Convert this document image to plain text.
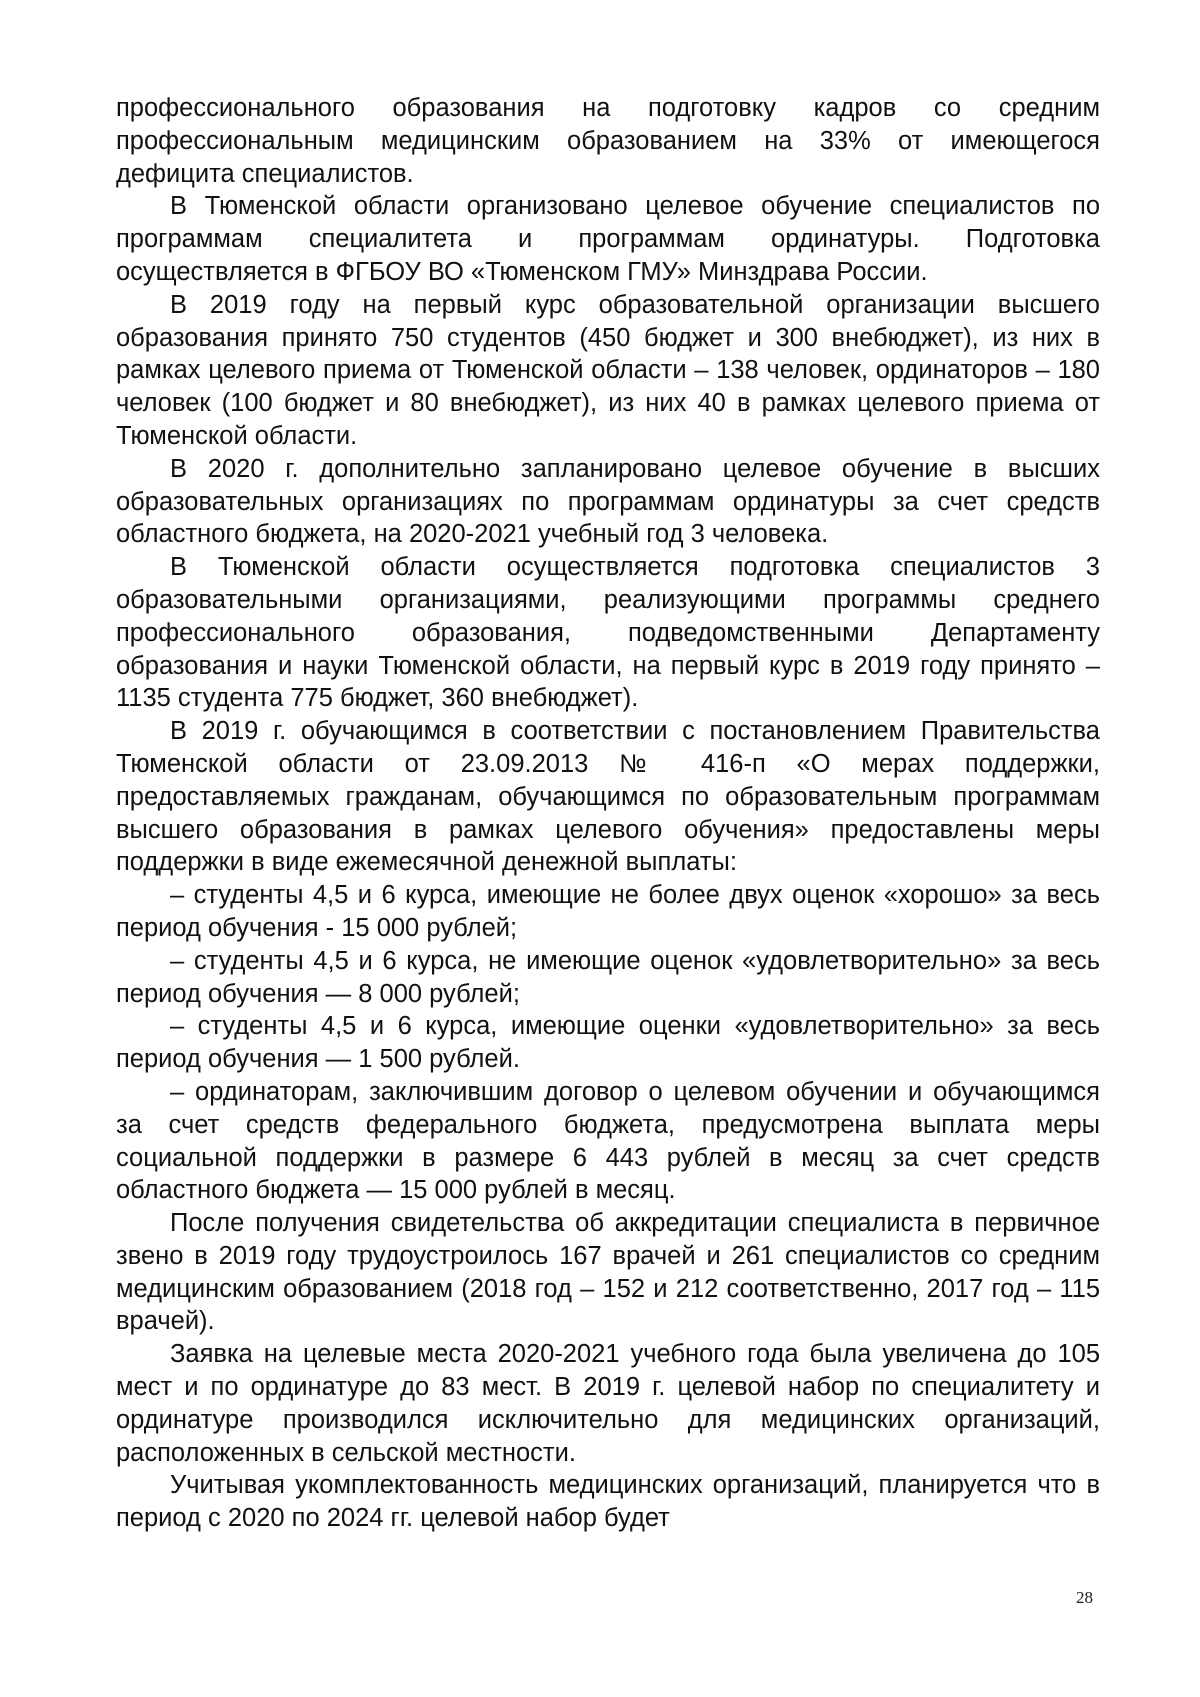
профессионального образования на подготовку кадров со средним профессиональным медицинским образованием на 33% от имеющегося дефицита специалистов.

В Тюменской области организовано целевое обучение специалистов по программам специалитета и программам ординатуры. Подготовка осуществляется в ФГБОУ ВО «Тюменском ГМУ» Минздрава России.

В 2019 году на первый курс образовательной организации высшего образования принято 750 студентов (450 бюджет и 300 внебюджет), из них в рамках целевого приема от Тюменской области – 138 человек, ординаторов – 180 человек (100 бюджет и 80 внебюджет), из них 40 в рамках целевого приема от Тюменской области.

В 2020 г. дополнительно запланировано целевое обучение в высших образовательных организациях по программам ординатуры за счет средств областного бюджета, на 2020-2021 учебный год 3 человека.

В Тюменской области осуществляется подготовка специалистов 3 образовательными организациями, реализующими программы среднего профессионального образования, подведомственными Департаменту образования и науки Тюменской области, на первый курс в 2019 году принято – 1135 студента 775 бюджет, 360 внебюджет).

В 2019 г. обучающимся в соответствии с постановлением Правительства Тюменской области от 23.09.2013 № 416-п «О мерах поддержки, предоставляемых гражданам, обучающимся по образовательным программам высшего образования в рамках целевого обучения» предоставлены меры поддержки в виде ежемесячной денежной выплаты:

– студенты 4,5 и 6 курса, имеющие не более двух оценок «хорошо» за весь период обучения - 15 000 рублей;

– студенты 4,5 и 6 курса, не имеющие оценок «удовлетворительно» за весь период обучения — 8 000 рублей;

– студенты 4,5 и 6 курса, имеющие оценки «удовлетворительно» за весь период обучения — 1 500 рублей.

– ординаторам, заключившим договор о целевом обучении и обучающимся за счет средств федерального бюджета, предусмотрена выплата меры социальной поддержки в размере 6 443 рублей в месяц за счет средств областного бюджета — 15 000 рублей в месяц.

После получения свидетельства об аккредитации специалиста в первичное звено в 2019 году трудоустроилось 167 врачей и 261 специалистов со средним медицинским образованием (2018 год – 152 и 212 соответственно, 2017 год – 115 врачей).

Заявка на целевые места 2020-2021 учебного года была увеличена до 105 мест и по ординатуре до 83 мест. В 2019 г. целевой набор по специалитету и ординатуре производился исключительно для медицинских организаций, расположенных в сельской местности.

Учитывая укомплектованность медицинских организаций, планируется что в период с 2020 по 2024 гг. целевой набор будет

28
